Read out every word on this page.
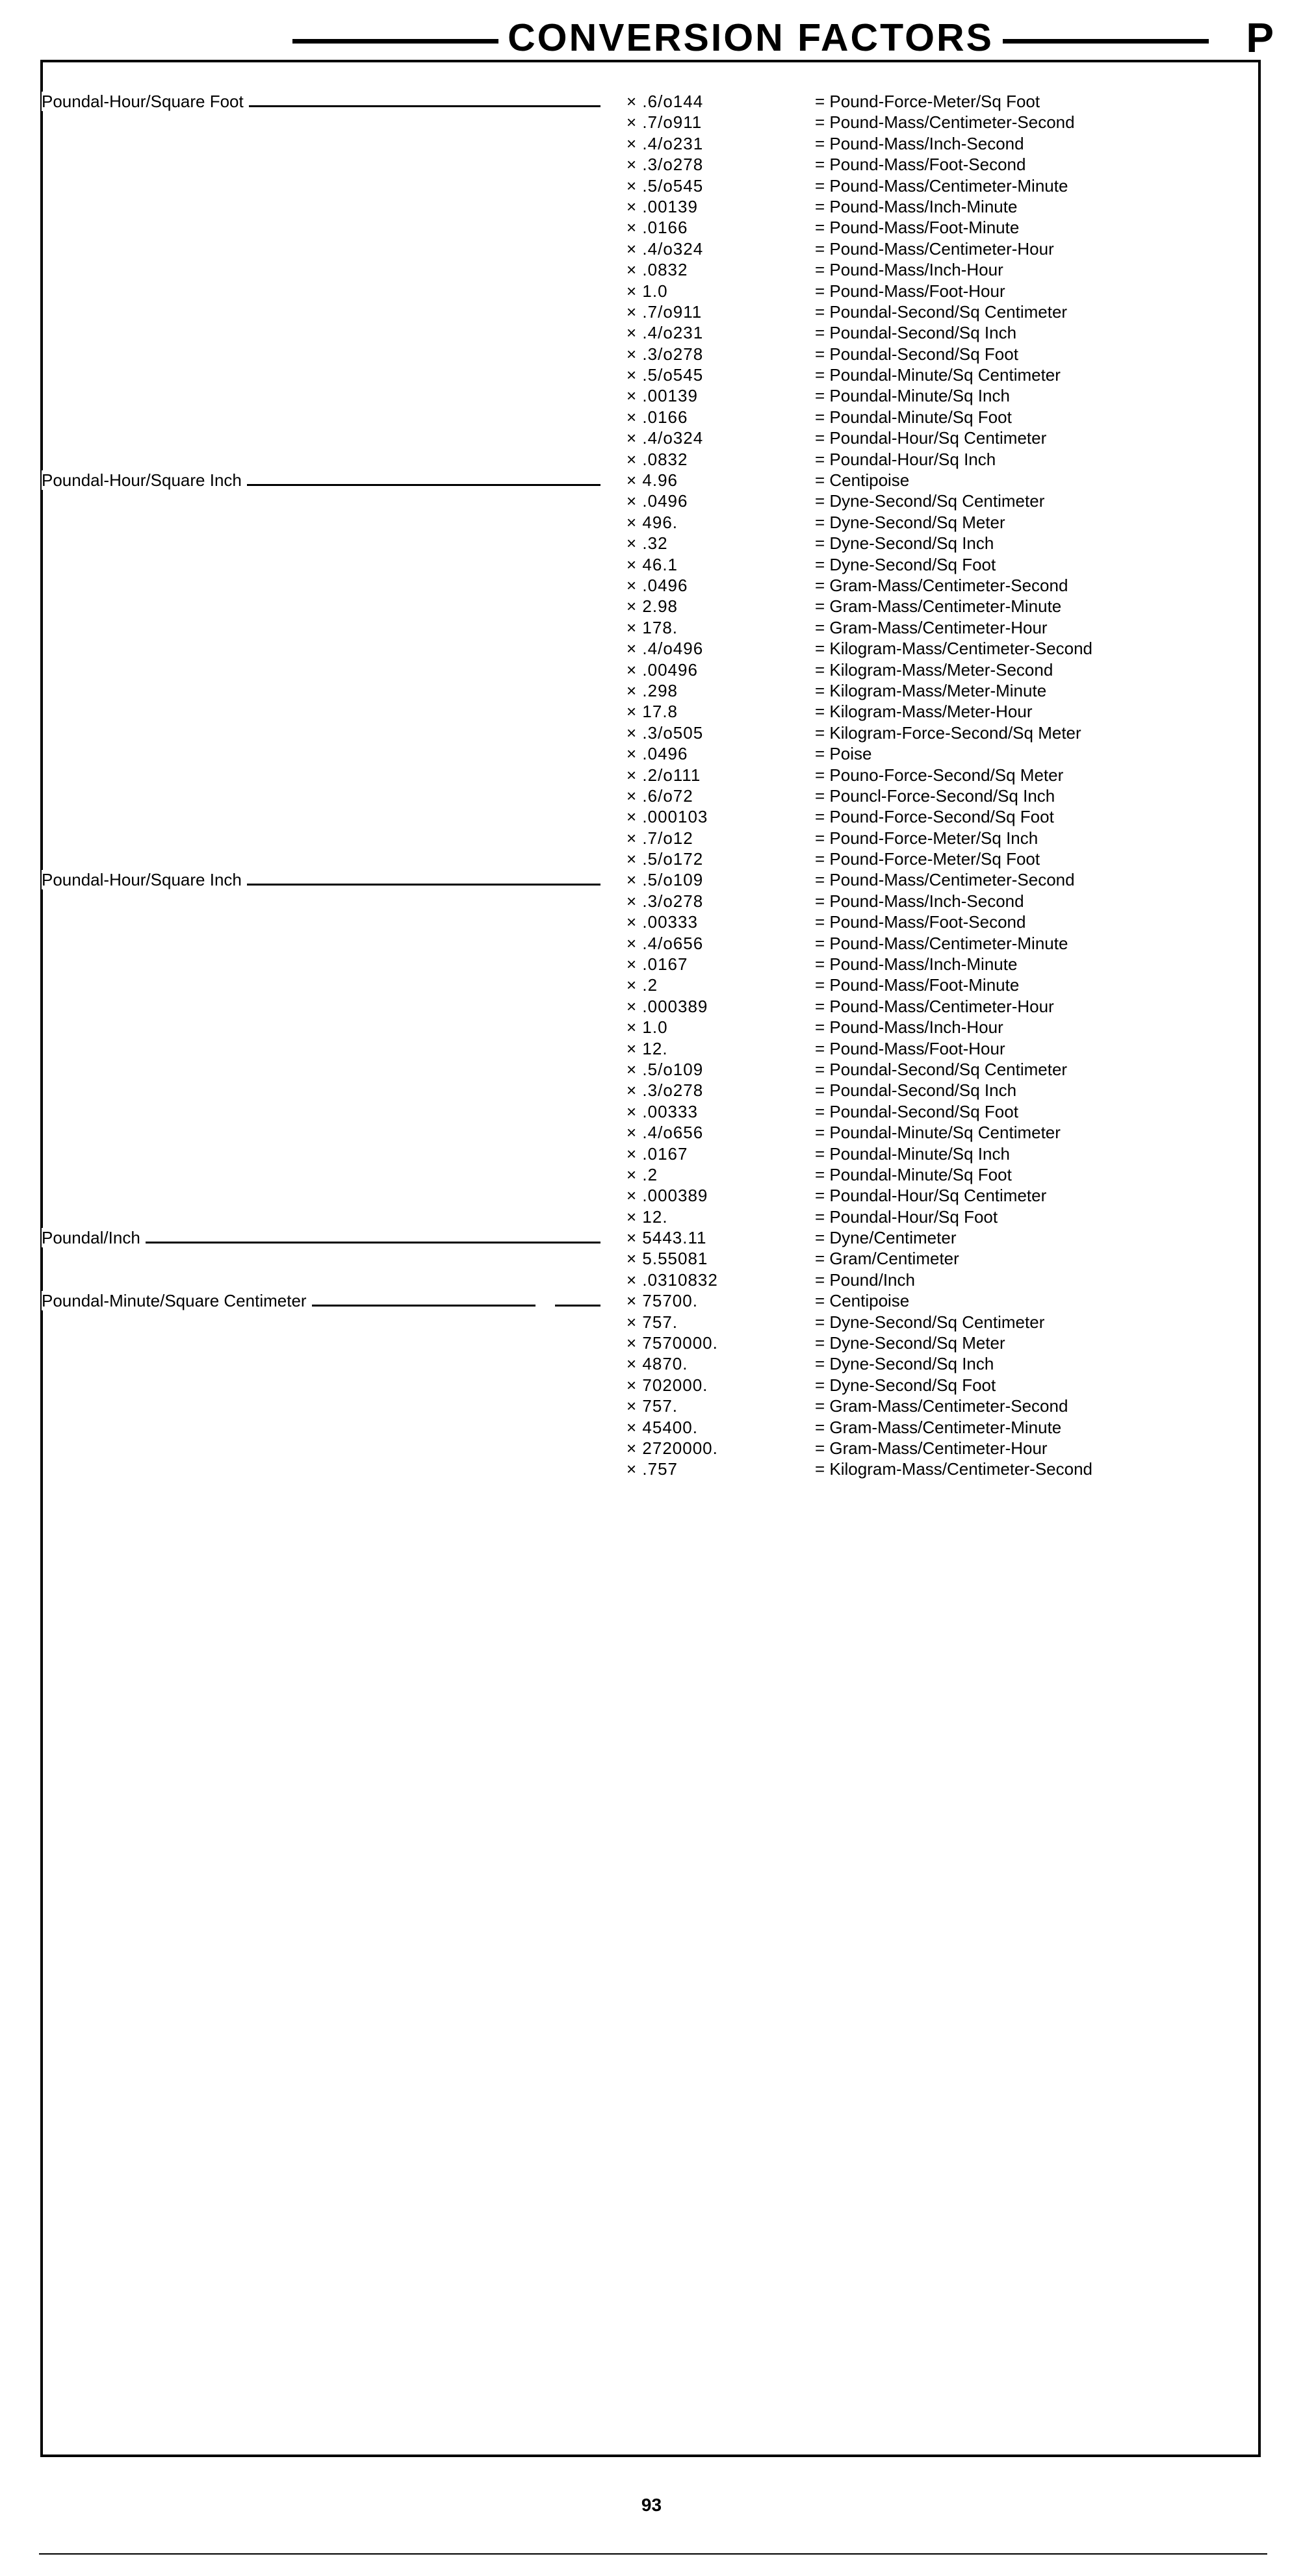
CONVERSION FACTORS	P
Poundal-Hour/Square Foot	× .6/o144	= Pound-Force-Meter/Sq Foot
× .7/o911	= Pound-Mass/Centimeter-Second
× .4/o231	= Pound-Mass/Inch-Second
× .3/o278	= Pound-Mass/Foot-Second
× .5/o545	= Pound-Mass/Centimeter-Minute
× .00139	= Pound-Mass/Inch-Minute
× .0166	= Pound-Mass/Foot-Minute
× .4/o324	= Pound-Mass/Centimeter-Hour
× .0832	= Pound-Mass/Inch-Hour
× 1.0	= Pound-Mass/Foot-Hour
× .7/o911	= Poundal-Second/Sq Centimeter
× .4/o231	= Poundal-Second/Sq Inch
× .3/o278	= Poundal-Second/Sq Foot
× .5/o545	= Poundal-Minute/Sq Centimeter
× .00139	= Poundal-Minute/Sq Inch
× .0166	= Poundal-Minute/Sq Foot
× .4/o324	= Poundal-Hour/Sq Centimeter
× .0832	= Poundal-Hour/Sq Inch
Poundal-Hour/Square Inch	× 4.96	= Centipoise
× .0496	= Dyne-Second/Sq Centimeter
× 496.	= Dyne-Second/Sq Meter
× .32	= Dyne-Second/Sq Inch
× 46.1	= Dyne-Second/Sq Foot
× .0496	= Gram-Mass/Centimeter-Second
× 2.98	= Gram-Mass/Centimeter-Minute
× 178.	= Gram-Mass/Centimeter-Hour
× .4/o496	= Kilogram-Mass/Centimeter-Second
× .00496	= Kilogram-Mass/Meter-Second
× .298	= Kilogram-Mass/Meter-Minute
× 17.8	= Kilogram-Mass/Meter-Hour
× .3/o505	= Kilogram-Force-Second/Sq Meter
× .0496	= Poise
× .2/o111	= Pouno-Force-Second/Sq Meter
× .6/o72	= Pouncl-Force-Second/Sq Inch
× .000103	= Pound-Force-Second/Sq Foot
× .7/o12	= Pound-Force-Meter/Sq Inch
× .5/o172	= Pound-Force-Meter/Sq Foot
Poundal-Hour/Square Inch	× .5/o109	= Pound-Mass/Centimeter-Second
× .3/o278	= Pound-Mass/Inch-Second
× .00333	= Pound-Mass/Foot-Second
× .4/o656	= Pound-Mass/Centimeter-Minute
× .0167	= Pound-Mass/Inch-Minute
× .2	= Pound-Mass/Foot-Minute
× .000389	= Pound-Mass/Centimeter-Hour
× 1.0	= Pound-Mass/Inch-Hour
× 12.	= Pound-Mass/Foot-Hour
× .5/o109	= Poundal-Second/Sq Centimeter
× .3/o278	= Poundal-Second/Sq Inch
× .00333	= Poundal-Second/Sq Foot
× .4/o656	= Poundal-Minute/Sq Centimeter
× .0167	= Poundal-Minute/Sq Inch
× .2	= Poundal-Minute/Sq Foot
× .000389	= Poundal-Hour/Sq Centimeter
× 12.	= Poundal-Hour/Sq Foot
Poundal/Inch	× 5443.11	= Dyne/Centimeter
× 5.55081	= Gram/Centimeter
× .0310832	= Pound/Inch
Poundal-Minute/Square Centimeter	× 75700.	= Centipoise
× 757.	= Dyne-Second/Sq Centimeter
× 7570000.	= Dyne-Second/Sq Meter
× 4870.	= Dyne-Second/Sq Inch
× 702000.	= Dyne-Second/Sq Foot
× 757.	= Gram-Mass/Centimeter-Second
× 45400.	= Gram-Mass/Centimeter-Minute
× 2720000.	= Gram-Mass/Centimeter-Hour
× .757	= Kilogram-Mass/Centimeter-Second
93
